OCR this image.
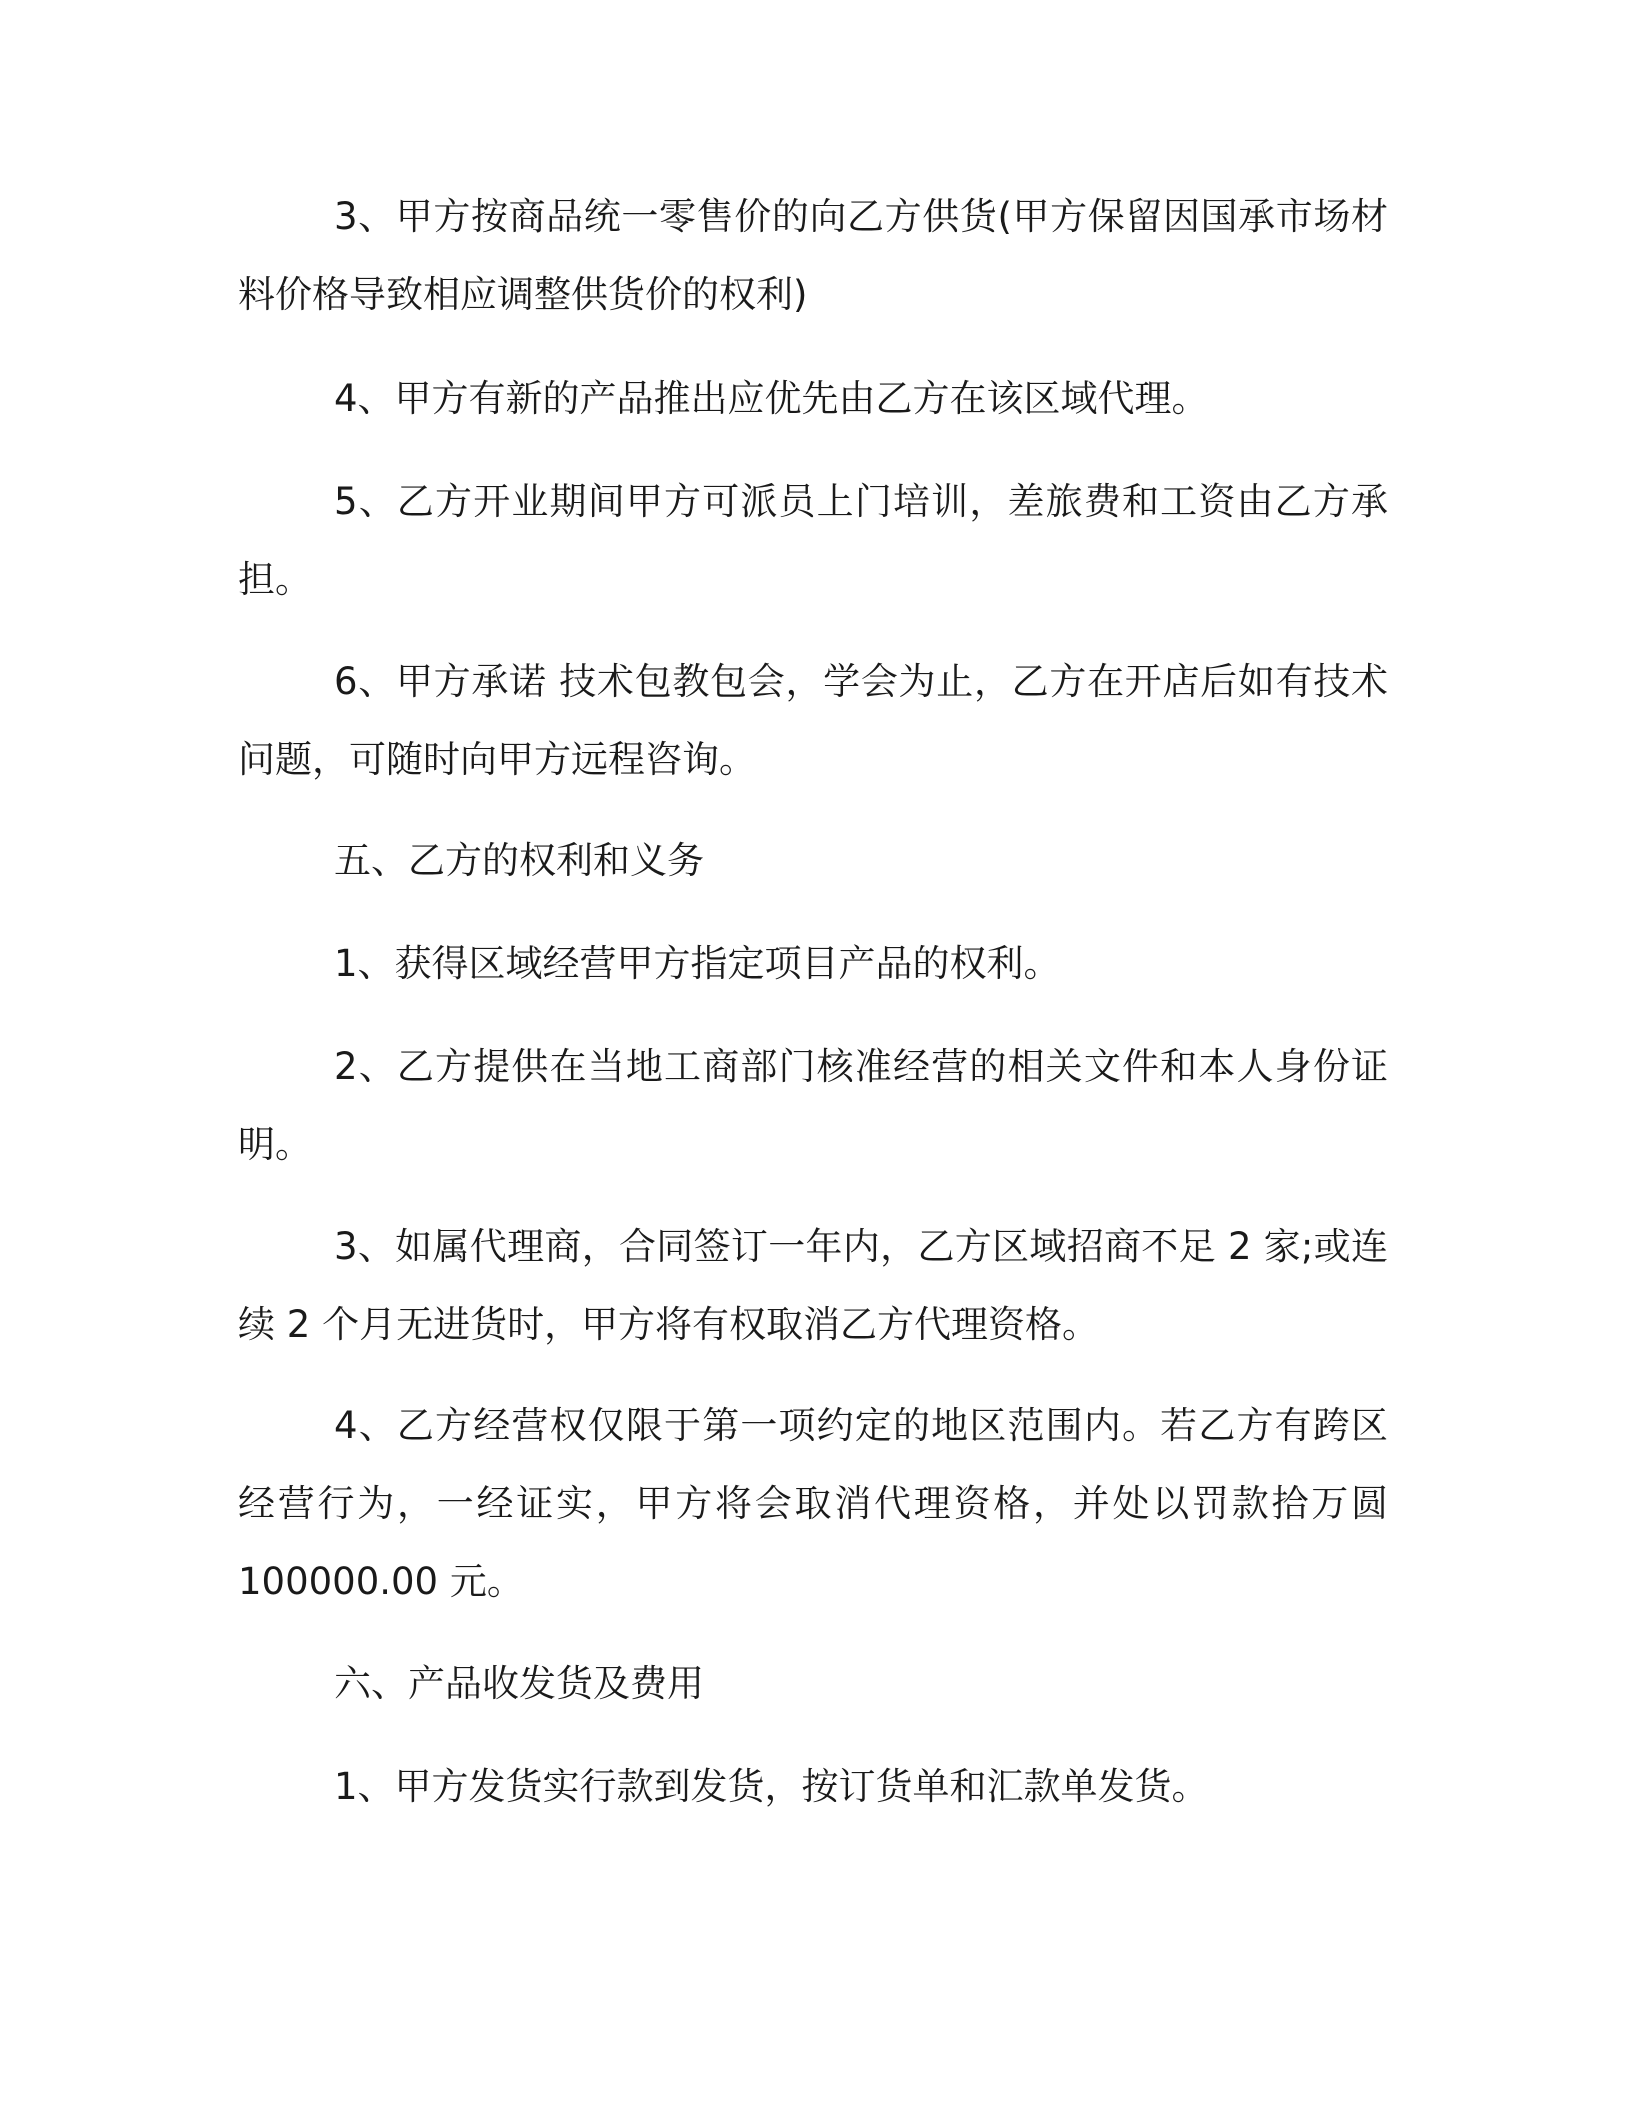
3、甲方按商品统一零售价的向乙方供货(甲方保留因国承市场材料价格导致相应调整供货价的权利)

4、甲方有新的产品推出应优先由乙方在该区域代理。

5、乙方开业期间甲方可派员上门培训，差旅费和工资由乙方承担。

6、甲方承诺 技术包教包会，学会为止，乙方在开店后如有技术问题，可随时向甲方远程咨询。

五、乙方的权利和义务

1、获得区域经营甲方指定项目产品的权利。

2、乙方提供在当地工商部门核准经营的相关文件和本人身份证明。

3、如属代理商，合同签订一年内，乙方区域招商不足 2 家;或连续 2 个月无进货时，甲方将有权取消乙方代理资格。

4、乙方经营权仅限于第一项约定的地区范围内。若乙方有跨区经营行为，一经证实，甲方将会取消代理资格，并处以罚款拾万圆100000.00 元。

六、产品收发货及费用

1、甲方发货实行款到发货，按订货单和汇款单发货。
